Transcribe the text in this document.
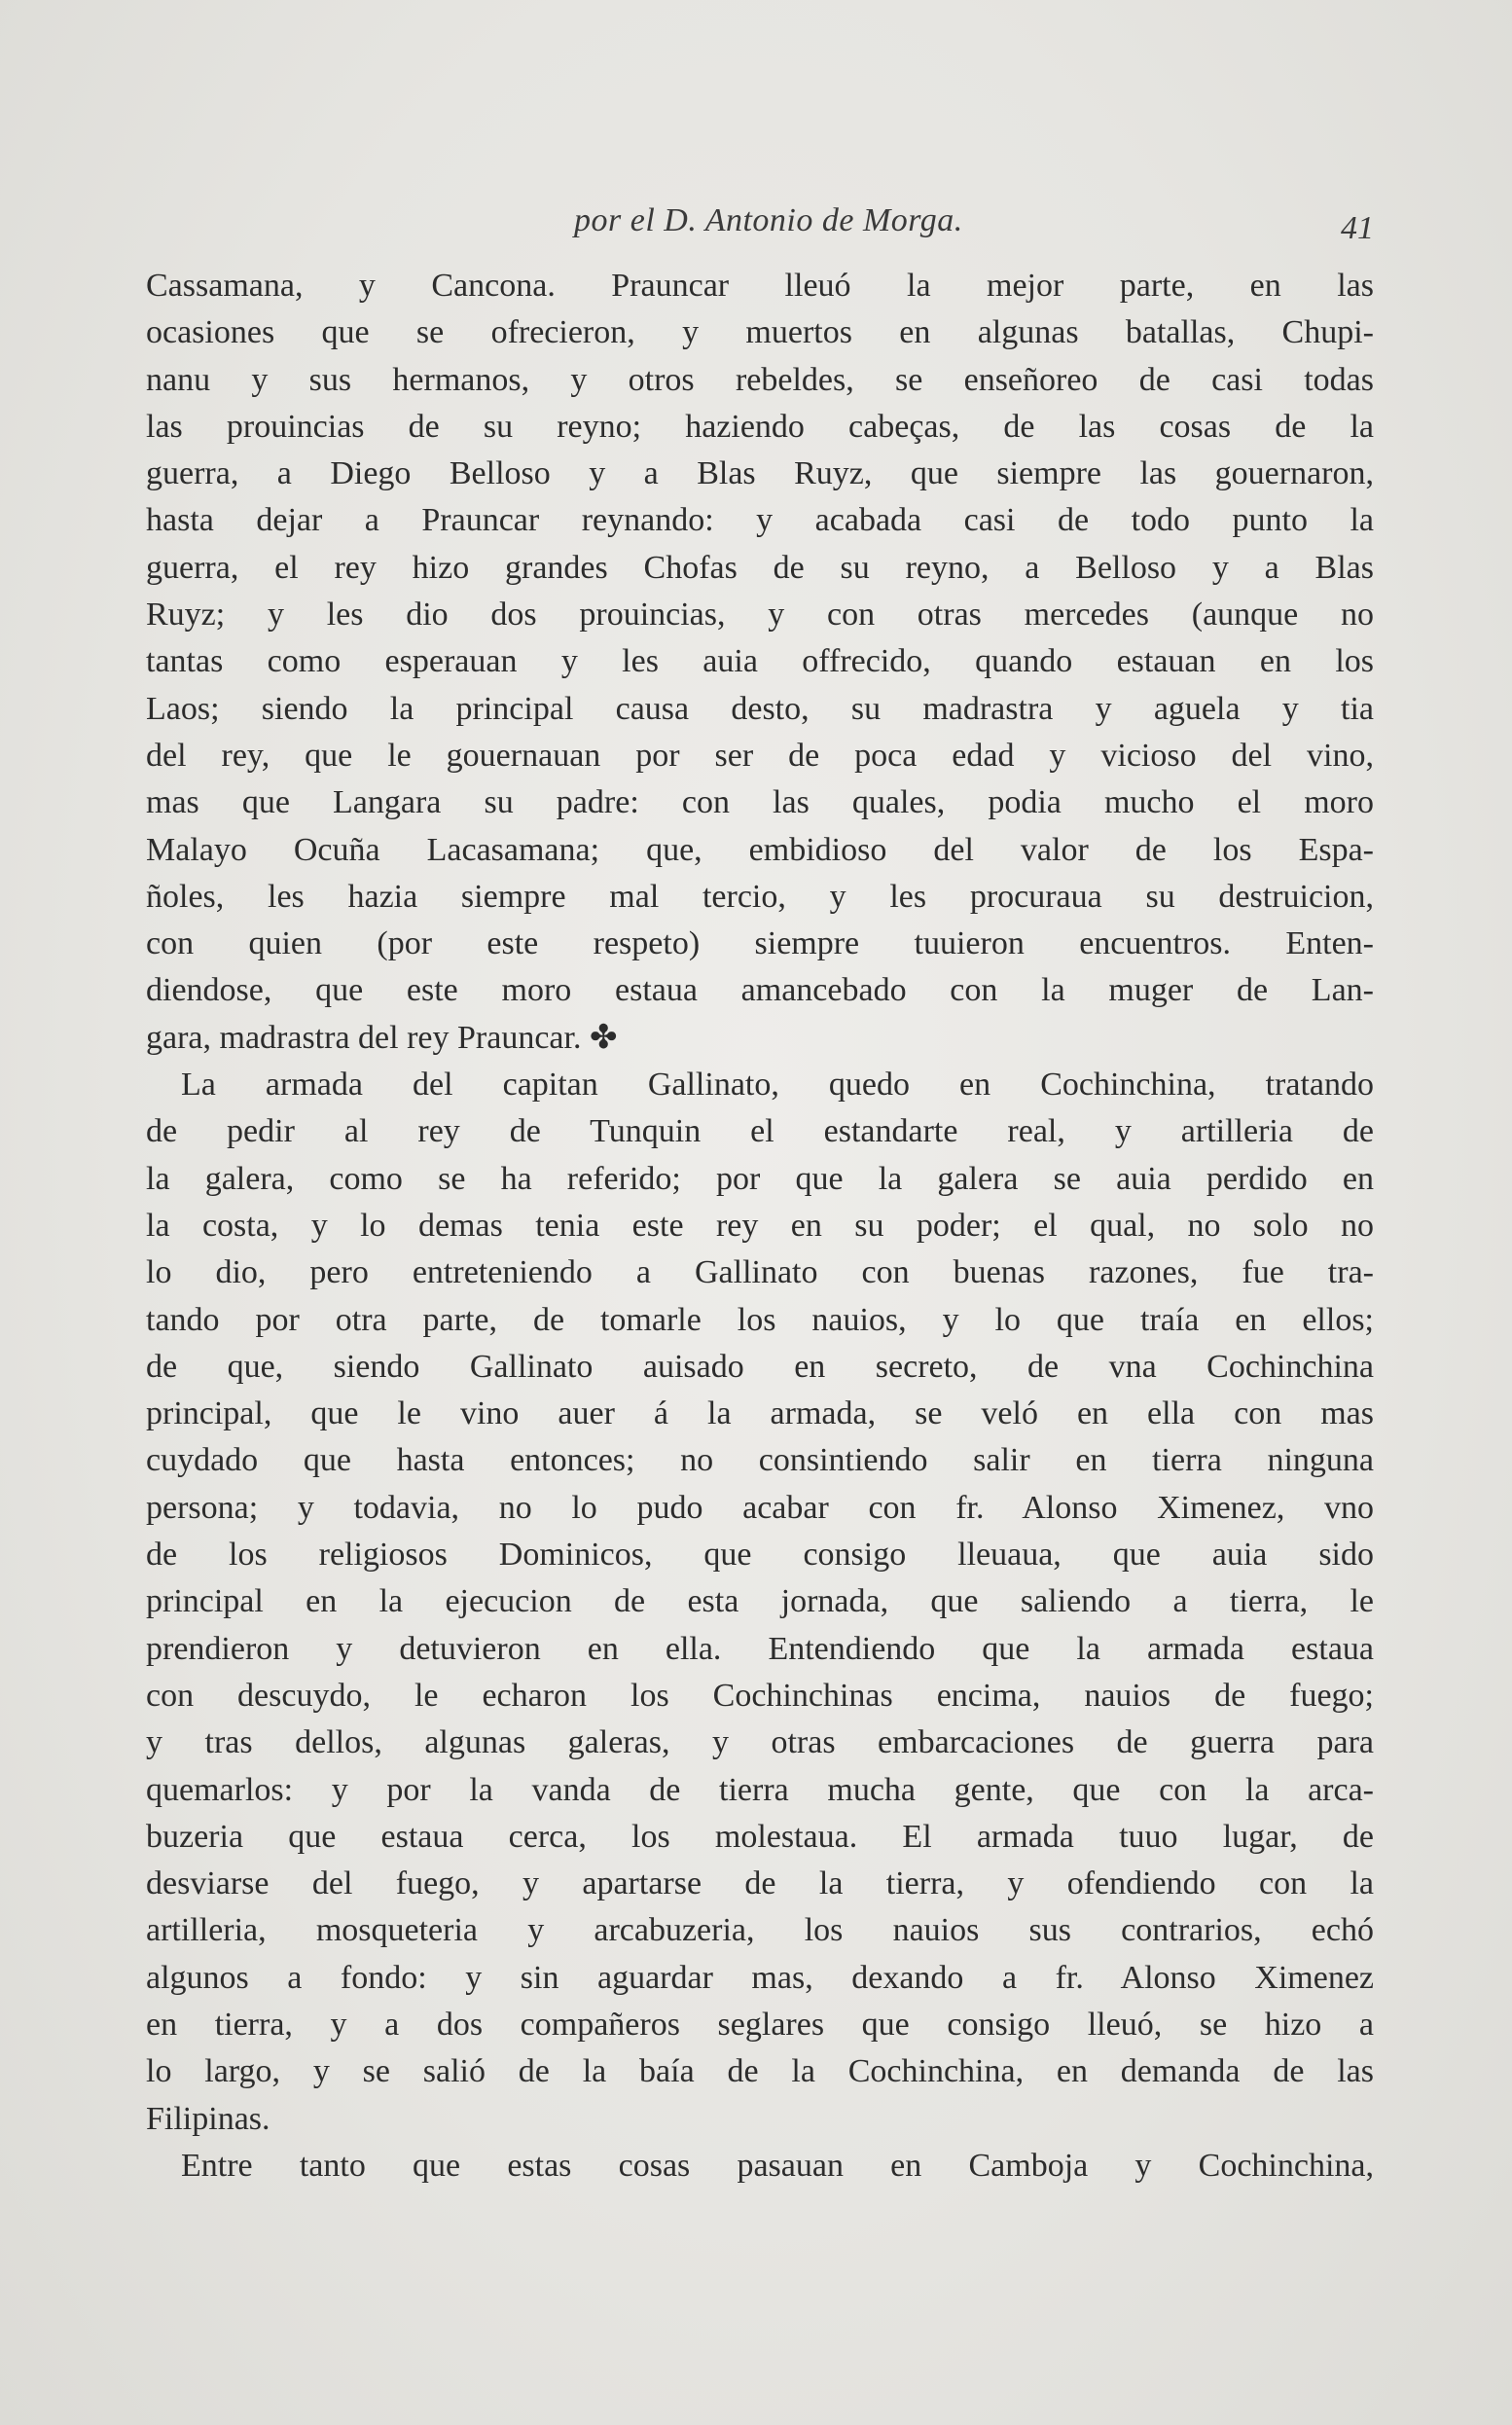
por el D. Antonio de Morga.	41
Cassamana, y Cancona. Prauncar lleuó la mejor parte, en las
ocasiones que se ofrecieron, y muertos en algunas batallas, Chupi-
nanu y sus hermanos, y otros rebeldes, se enseñoreo de casi todas
las prouincias de su reyno; haziendo cabeças, de las cosas de la
guerra, a Diego Belloso y a Blas Ruyz, que siempre las gouernaron,
hasta dejar a Prauncar reynando: y acabada casi de todo punto la
guerra, el rey hizo grandes Chofas de su reyno, a Belloso y a Blas
Ruyz; y les dio dos prouincias, y con otras mercedes (aunque no
tantas como esperauan y les auia offrecido, quando estauan en los
Laos; siendo la principal causa desto, su madrastra y aguela y tia
del rey, que le gouernauan por ser de poca edad y vicioso del vino,
mas que Langara su padre: con las quales, podia mucho el moro
Malayo Ocuña Lacasamana; que, embidioso del valor de los Espa-
ñoles, les hazia siempre mal tercio, y les procuraua su destruicion,
con quien (por este respeto) siempre tuuieron encuentros. Enten-
diendose, que este moro estaua amancebado con la muger de Lan-
gara, madrastra del rey Prauncar. ✤
La armada del capitan Gallinato, quedo en Cochinchina, tratando
de pedir al rey de Tunquin el estandarte real, y artilleria de
la galera, como se ha referido; por que la galera se auia perdido en
la costa, y lo demas tenia este rey en su poder; el qual, no solo no
lo dio, pero entreteniendo a Gallinato con buenas razones, fue tra-
tando por otra parte, de tomarle los nauios, y lo que traía en ellos;
de que, siendo Gallinato auisado en secreto, de vna Cochinchina
principal, que le vino auer á la armada, se veló en ella con mas
cuydado que hasta entonces; no consintiendo salir en tierra ninguna
persona; y todavia, no lo pudo acabar con fr. Alonso Ximenez, vno
de los religiosos Dominicos, que consigo lleuaua, que auia sido
principal en la ejecucion de esta jornada, que saliendo a tierra, le
prendieron y detuvieron en ella. Entendiendo que la armada estaua
con descuydo, le echaron los Cochinchinas encima, nauios de fuego;
y tras dellos, algunas galeras, y otras embarcaciones de guerra para
quemarlos: y por la vanda de tierra mucha gente, que con la arca-
buzeria que estaua cerca, los molestaua. El armada tuuo lugar, de
desviarse del fuego, y apartarse de la tierra, y ofendiendo con la
artilleria, mosqueteria y arcabuzeria, los nauios sus contrarios, echó
algunos a fondo: y sin aguardar mas, dexando a fr. Alonso Ximenez
en tierra, y a dos compañeros seglares que consigo lleuó, se hizo a
lo largo, y se salió de la baía de la Cochinchina, en demanda de las
Filipinas.
Entre tanto que estas cosas pasauan en Camboja y Cochinchina,
